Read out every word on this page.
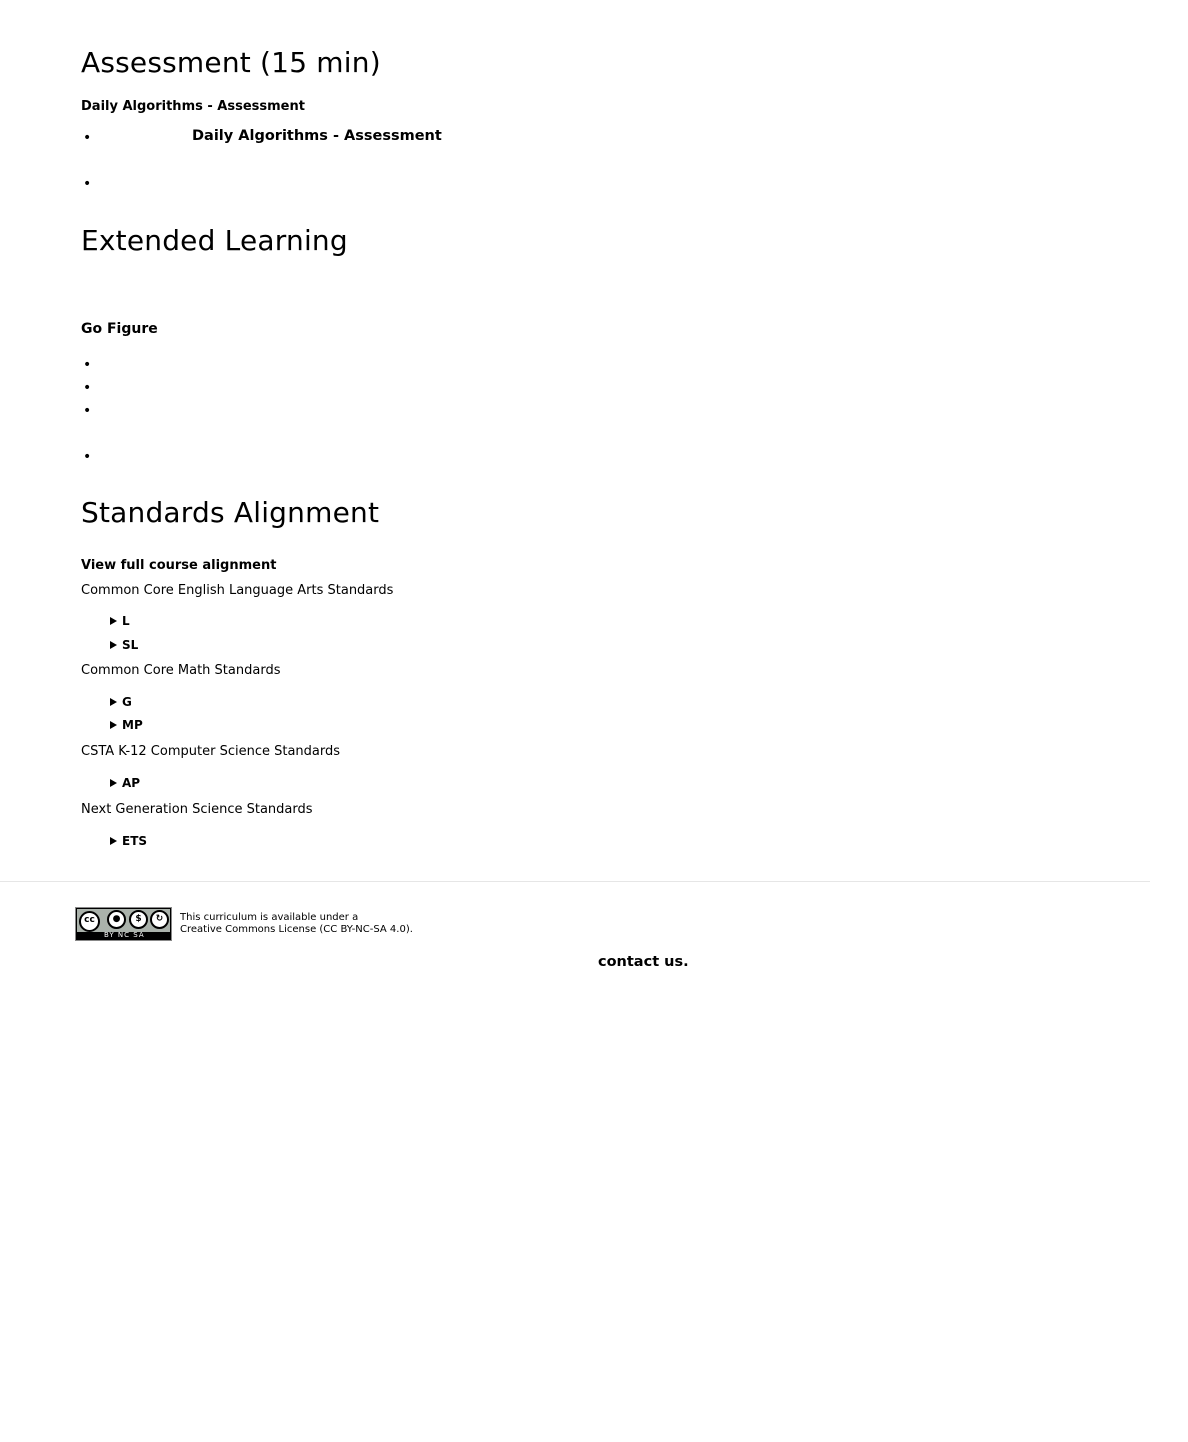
Assessment (15 min)
Daily Algorithms - Assessment
•
Daily Algorithms - Assessment
•
Extended Learning
Go Figure
•
•
•
•
Standards Alignment
View full course alignment
Common Core English Language Arts Standards
L
SL
Common Core Math Standards
G
MP
CSTA K-12 Computer Science Standards
AP
Next Generation Science Standards
ETS
cc	●	$	↻
BY NC SA
This curriculum is available under a
Creative Commons License (CC BY-NC-SA 4.0).
contact us.
